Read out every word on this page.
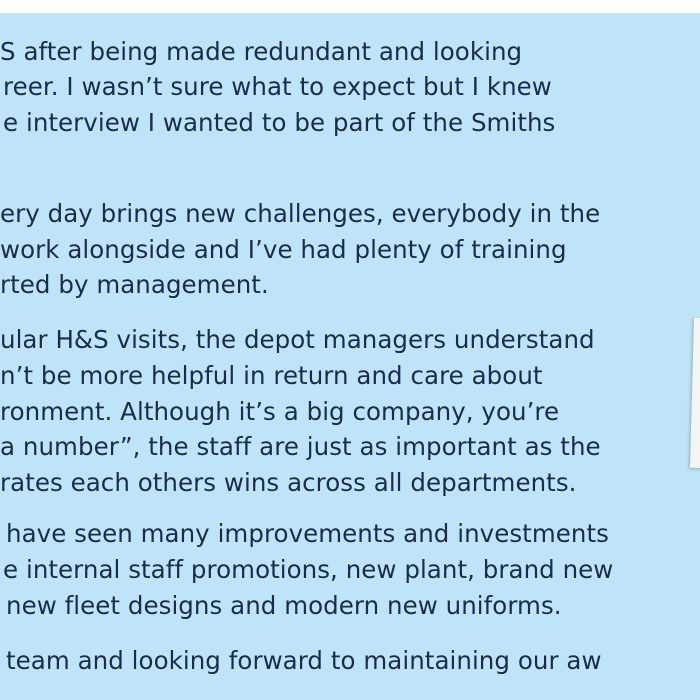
S after being made redundant and looking
reer. I wasn’t sure what to expect but I knew
e interview I wanted to be part of the Smiths
ery day brings new challenges, everybody in the
work alongside and I’ve had plenty of training
rted by management.
ular H&S visits, the depot managers understand
n’t be more helpful in return and care about
ronment. Although it’s a big company, you’re
a number”, the staff are just as important as the
rates each others wins across all departments.
have seen many improvements and investments
e internal staff promotions, new plant, brand new
new fleet designs and modern new uniforms.
team and looking forward to maintaining our aw
